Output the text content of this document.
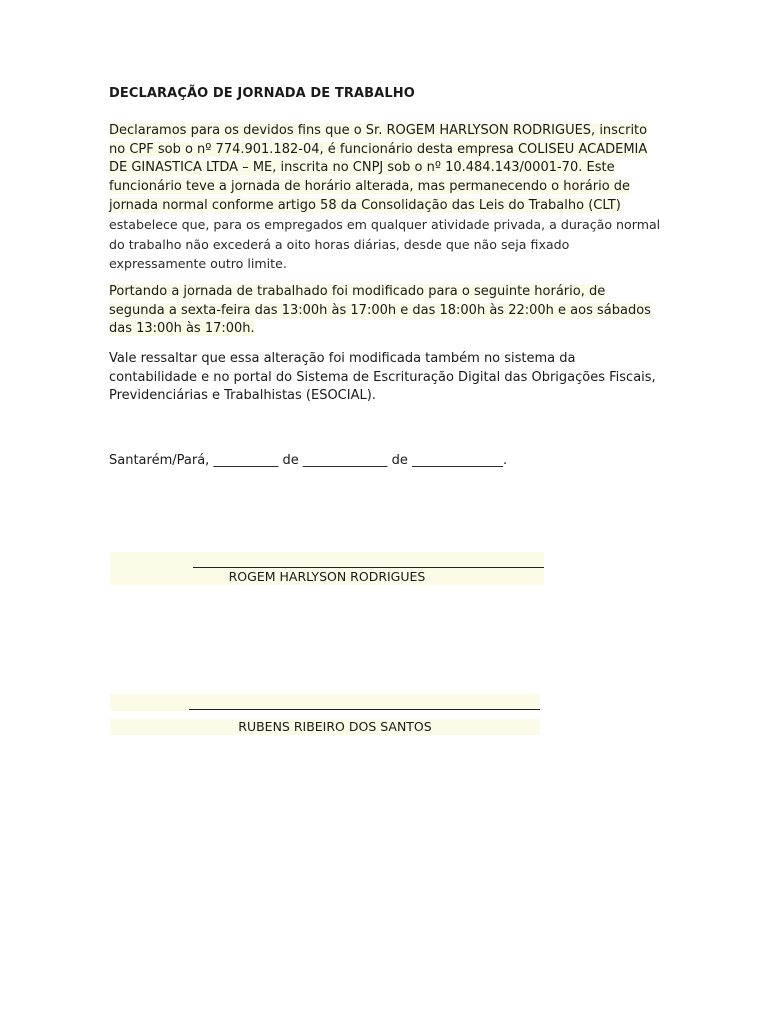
DECLARAÇÃO DE JORNADA DE TRABALHO
Declaramos para os devidos fins que o Sr. ROGEM HARLYSON RODRIGUES, inscrito no CPF sob o nº 774.901.182-04, é funcionário desta empresa COLISEU ACADEMIA DE GINASTICA LTDA – ME, inscrita no CNPJ sob o nº 10.484.143/0001-70. Este funcionário teve a jornada de horário alterada, mas permanecendo o horário de jornada normal conforme artigo 58 da Consolidação das Leis do Trabalho (CLT) estabelece que, para os empregados em qualquer atividade privada, a duração normal do trabalho não excederá a oito horas diárias, desde que não seja fixado expressamente outro limite.
Portando a jornada de trabalhado foi modificado para o seguinte horário, de segunda a sexta-feira das 13:00h às 17:00h e das 18:00h às 22:00h e aos sábados das 13:00h às 17:00h.
Vale ressaltar que essa alteração foi modificada também no sistema da contabilidade e no portal do Sistema de Escrituração Digital das Obrigações Fiscais, Previdenciárias e Trabalhistas (ESOCIAL).
Santarém/Pará, __________ de _____________ de ______________.
ROGEM HARLYSON RODRIGUES
RUBENS RIBEIRO DOS SANTOS
